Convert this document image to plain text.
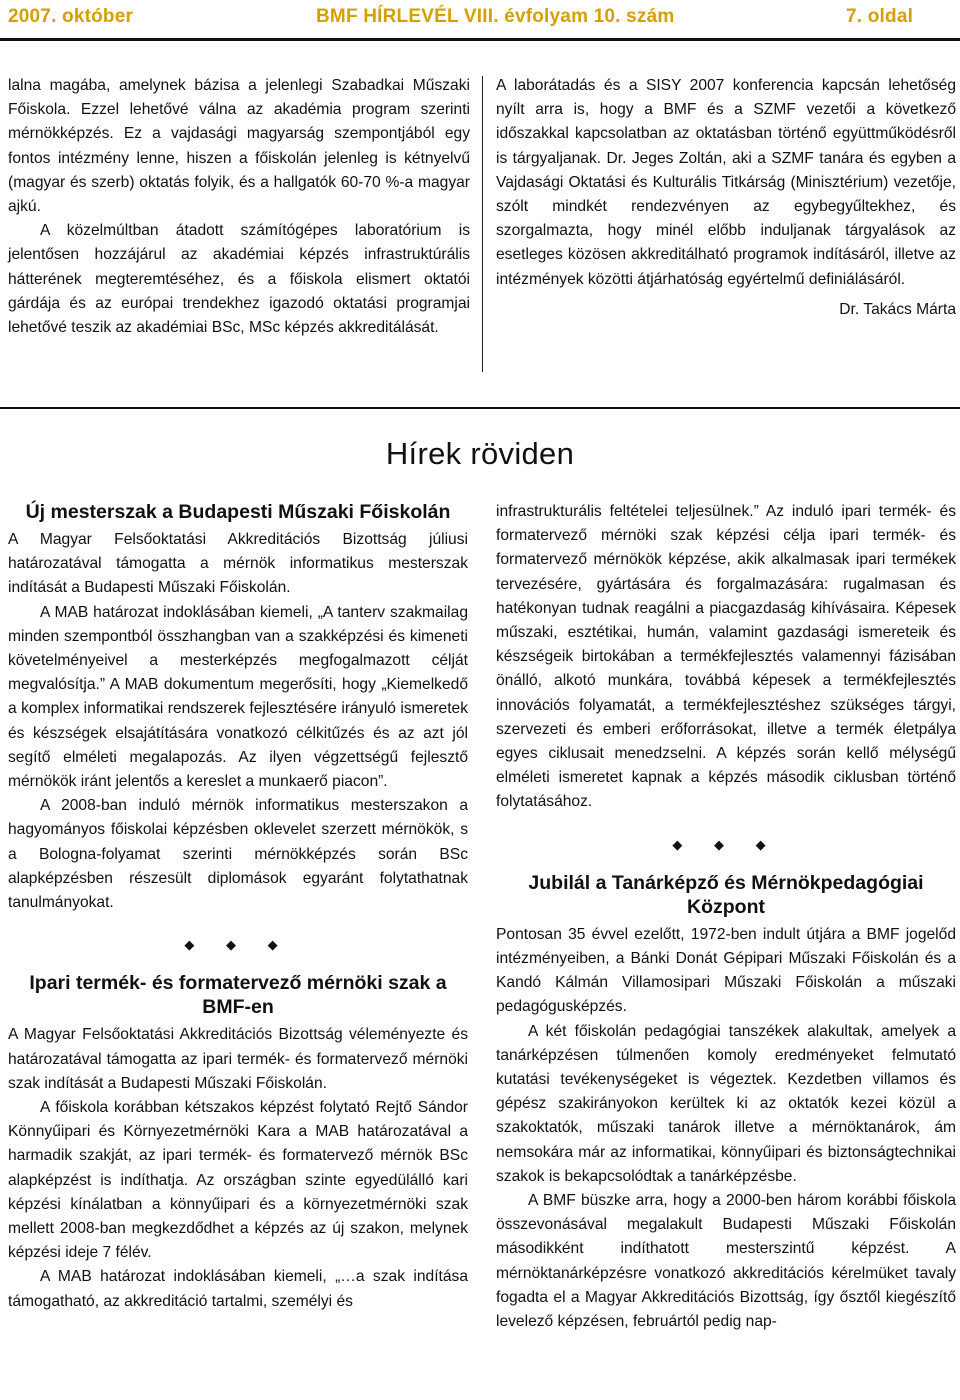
2007. október	BMF HÍRLEVÉL VIII. évfolyam 10. szám	7. oldal

lalna magába, amelynek bázisa a jelenlegi Szabadkai Műszaki Főiskola. Ezzel lehetővé válna az akadémia program szerinti mérnökképzés. Ez a vajdasági magyarság szempontjából egy fontos intézmény lenne, hiszen a főiskolán jelenleg is kétnyelvű (magyar és szerb) oktatás folyik, és a hallgatók 60-70 %-a magyar ajkú.

A közelmúltban átadott számítógépes laboratórium is jelentősen hozzájárul az akadémiai képzés infrastruktúrális hátterének megteremtéséhez, és a főiskola elismert oktatói gárdája és az európai trendekhez igazodó oktatási programjai lehetővé teszik az akadémiai BSc, MSc képzés akkreditálását.

A laborátadás és a SISY 2007 konferencia kapcsán lehetőség nyílt arra is, hogy a BMF és a SZMF vezetői a következő időszakkal kapcsolatban az oktatásban történő együttműködésről is tárgyaljanak. Dr. Jeges Zoltán, aki a SZMF tanára és egyben a Vajdasági Oktatási és Kulturális Titkárság (Minisztérium) vezetője, szólt mindkét rendezvényen az egybegyűltekhez, és szorgalmazta, hogy minél előbb induljanak tárgyalások az esetleges közösen akkreditálható programok indításáról, illetve az intézmények közötti átjárhatóság egyértelmű definiálásáról.

Dr. Takács Márta

Hírek röviden

Új mesterszak a Budapesti Műszaki Főiskolán

A Magyar Felsőoktatási Akkreditációs Bizottság júliusi határozatával támogatta a mérnök informatikus mesterszak indítását a Budapesti Műszaki Főiskolán.

A MAB határozat indoklásában kiemeli, „A tanterv szakmailag minden szempontból összhangban van a szakképzési és kimeneti követelményeivel a mesterképzés megfogalmazott célját megvalósítja.” A MAB dokumentum megerősíti, hogy „Kiemelkedő a komplex informatikai rendszerek fejlesztésére irányuló ismeretek és készségek elsajátítására vonatkozó célkitűzés és az azt jól segítő elméleti megalapozás. Az ilyen végzettségű fejlesztő mérnökök iránt jelentős a kereslet a munkaerő piacon”.

A 2008-ban induló mérnök informatikus mesterszakon a hagyományos főiskolai képzésben oklevelet szerzett mérnökök, s a Bologna-folyamat szerinti mérnökképzés során BSc alapképzésben részesült diplomások egyaránt folytathatnak tanulmányokat.

◆ ◆ ◆

Ipari termék- és formatervező mérnöki szak a BMF-en

A Magyar Felsőoktatási Akkreditációs Bizottság véleményezte és határozatával támogatta az ipari termék- és formatervező mérnöki szak indítását a Budapesti Műszaki Főiskolán.

A főiskola korábban kétszakos képzést folytató Rejtő Sándor Könnyűipari és Környezetmérnöki Kara a MAB határozatával a harmadik szakját, az ipari termék- és formatervező mérnök BSc alapképzést is indíthatja. Az országban szinte egyedülálló kari képzési kínálatban a könnyűipari és a környezetmérnöki szak mellett 2008-ban megkezdődhet a képzés az új szakon, melynek képzési ideje 7 félév.

A MAB határozat indoklásában kiemeli, „…a szak indítása támogatható, az akkreditáció tartalmi, személyi és

infrastrukturális feltételei teljesülnek.” Az induló ipari termék- és formatervező mérnöki szak képzési célja ipari termék- és formatervező mérnökök képzése, akik alkalmasak ipari termékek tervezésére, gyártására és forgalmazására: rugalmasan és hatékonyan tudnak reagálni a piacgazdaság kihívásaira. Képesek műszaki, esztétikai, humán, valamint gazdasági ismereteik és készségeik birtokában a termékfejlesztés valamennyi fázisában önálló, alkotó munkára, továbbá képesek a termékfejlesztés innovációs folyamatát, a termékfejlesztéshez szükséges tárgyi, szervezeti és emberi erőforrásokat, illetve a termék életpálya egyes ciklusait menedzselni. A képzés során kellő mélységű elméleti ismeretet kapnak a képzés második ciklusban történő folytatásához.

◆ ◆ ◆

Jubilál a Tanárképző és Mérnökpedagógiai Központ

Pontosan 35 évvel ezelőtt, 1972-ben indult útjára a BMF jogelőd intézményeiben, a Bánki Donát Gépipari Műszaki Főiskolán és a Kandó Kálmán Villamosipari Műszaki Főiskolán a műszaki pedagógusképzés.

A két főiskolán pedagógiai tanszékek alakultak, amelyek a tanárképzésen túlmenően komoly eredményeket felmutató kutatási tevékenységeket is végeztek. Kezdetben villamos és gépész szakirányokon kerültek ki az oktatók kezei közül a szakoktatók, műszaki tanárok illetve a mérnöktanárok, ám nemsokára már az informatikai, könnyűipari és biztonságtechnikai szakok is bekapcsolódtak a tanárképzésbe.

A BMF büszke arra, hogy a 2000-ben három korábbi főiskola összevonásával megalakult Budapesti Műszaki Főiskolán másodikként indíthatott mesterszintű képzést. A mérnöktanárképzésre vonatkozó akkreditációs kérelmüket tavaly fogadta el a Magyar Akkreditációs Bizottság, így ősztől kiegészítő levelező képzésen, februártól pedig nap-
